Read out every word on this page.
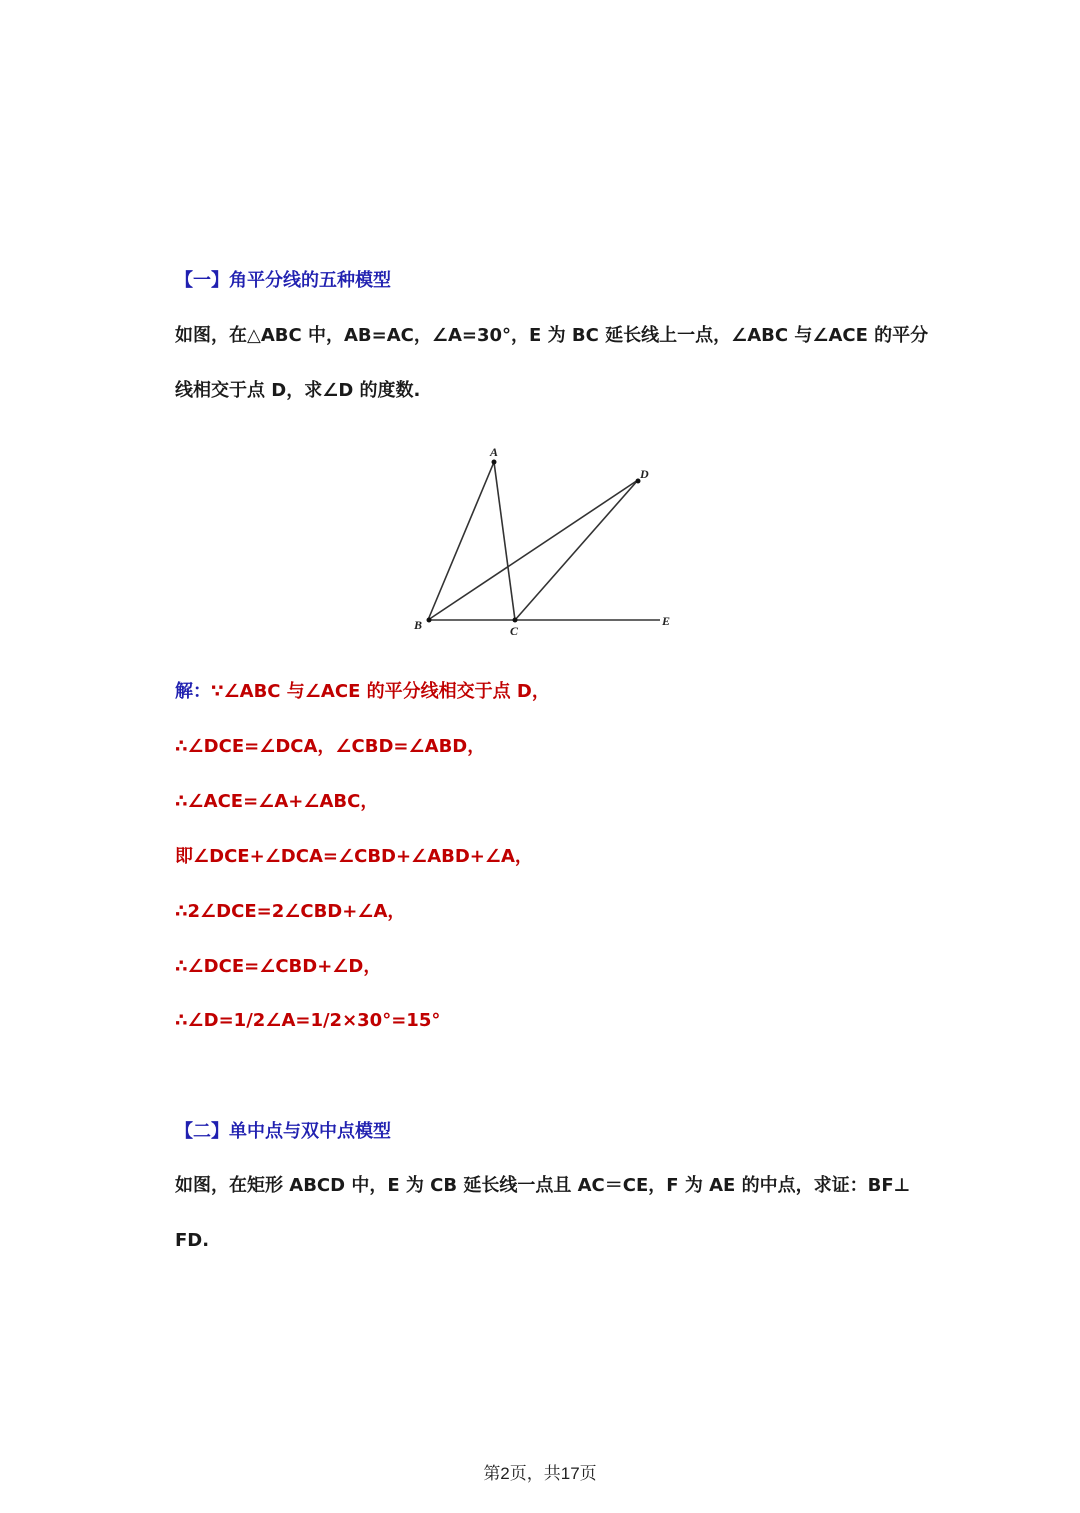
【一】角平分线的五种模型
如图，在△ABC 中，AB=AC，∠A=30°，E 为 BC 延长线上一点，∠ABC 与∠ACE 的平分
线相交于点 D，求∠D 的度数.
A
B	C
D
E
解：∵∠ABC 与∠ACE 的平分线相交于点 D，
∴∠DCE=∠DCA，∠CBD=∠ABD，
∴∠ACE=∠A+∠ABC，
即∠DCE+∠DCA=∠CBD+∠ABD+∠A，
∴2∠DCE=2∠CBD+∠A，
∴∠DCE=∠CBD+∠D，
∴∠D=1/2∠A=1/2×30°=15°
【二】单中点与双中点模型
如图，在矩形 ABCD 中，E 为 CB 延长线一点且 AC＝CE，F 为 AE 的中点，求证：BF⊥
FD.
第2页，共17页
